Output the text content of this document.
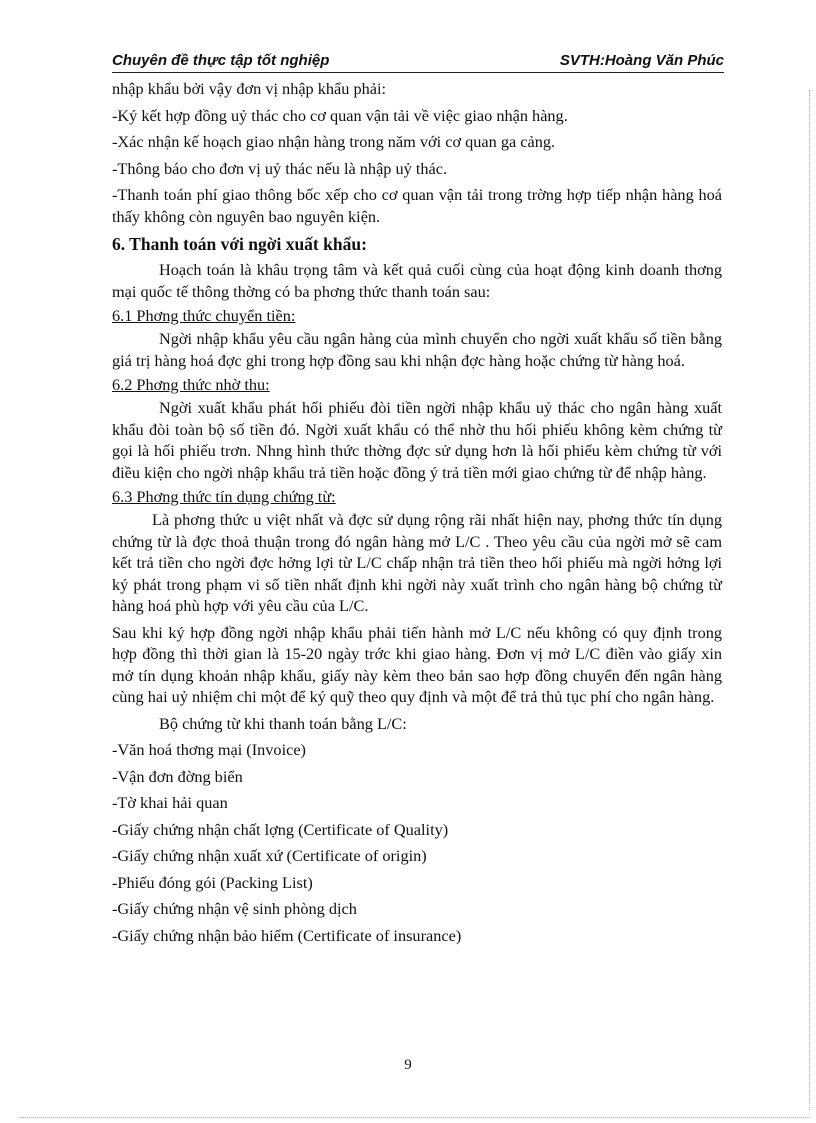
Chuyên đề thực tập tốt nghiệp	SVTH:Hoàng Văn Phúc

nhập khẩu bởi vậy đơn vị nhập khẩu phải:

-Ký kết hợp đồng uỷ thác cho cơ quan vận tải về việc giao nhận hàng.

-Xác nhận kế hoạch giao nhận hàng trong năm với cơ quan ga cảng.

-Thông báo cho đơn vị uỷ thác nếu là nhập uỷ thác.

-Thanh toán phí giao thông bốc xếp cho cơ quan vận tải trong trờng hợp tiếp nhận hàng hoá thấy không còn nguyên bao nguyên kiện.

6. Thanh toán với ngời xuất khẩu:

Hoạch toán là khâu trọng tâm và kết quả cuối cùng của hoạt động kinh doanh thơng mại quốc tế thông thờng có ba phơng thức thanh toán sau:

6.1 Phơng thức chuyển tiền:

Ngời nhập khẩu yêu cầu ngân hàng của mình chuyển cho ngời xuất khẩu số tiền bằng giá trị hàng hoá đợc ghi trong hợp đồng sau khi nhận đợc hàng hoặc chứng từ hàng hoá.

6.2 Phơng thức nhờ thu:

Ngời xuất khẩu phát hối phiếu đòi tiền ngời nhập khẩu uỷ thác cho ngân hàng xuất khẩu đòi toàn bộ số tiền đó. Ngời xuất khẩu có thể nhờ thu hối phiếu không kèm chứng từ gọi là hối phiếu trơn. Nhng hình thức thờng đợc sử dụng hơn là hối phiếu kèm chứng từ với điều kiện cho ngời nhập khẩu trả tiền hoặc đồng ý trả tiền mới giao chứng từ để nhập hàng.

6.3 Phơng thức tín dụng chứng từ:

Là phơng thức u việt nhất và đợc sử dụng rộng rãi nhất hiện nay, phơng thức tín dụng chứng từ là đợc thoả thuận trong đó ngân hàng mở L/C . Theo yêu cầu của ngời mở sẽ cam kết trả tiền cho ngời đợc hởng lợi từ L/C chấp nhận trả tiền theo hối phiếu mà ngời hởng lợi ký phát trong phạm vi số tiền nhất định khi ngời này xuất trình cho ngân hàng bộ chứng từ hàng hoá phù hợp với yêu cầu của L/C.

Sau khi ký hợp đồng ngời nhập khẩu phải tiến hành mở L/C nếu không có quy định trong hợp đồng thì thời gian là 15-20 ngày trớc khi giao hàng. Đơn vị mở L/C điền vào giấy xin mở tín dụng khoản nhập khẩu, giấy này kèm theo bản sao hợp đồng chuyển đến ngân hàng cùng hai uỷ nhiệm chi một để ký quỹ theo quy định và một để trả thủ tục phí cho ngân hàng.

Bộ chứng từ khi thanh toán bằng L/C:

-Văn hoá thơng mại (Invoice)

-Vận đơn đờng biển

-Tờ khai hải quan

-Giấy chứng nhận chất lợng (Certificate of Quality)

-Giấy chứng nhận xuất xứ (Certificate of origin)

-Phiếu đóng gói (Packing List)

-Giấy chứng nhận vệ sinh phòng dịch

-Giấy chứng nhận bảo hiểm (Certificate of insurance)

9
